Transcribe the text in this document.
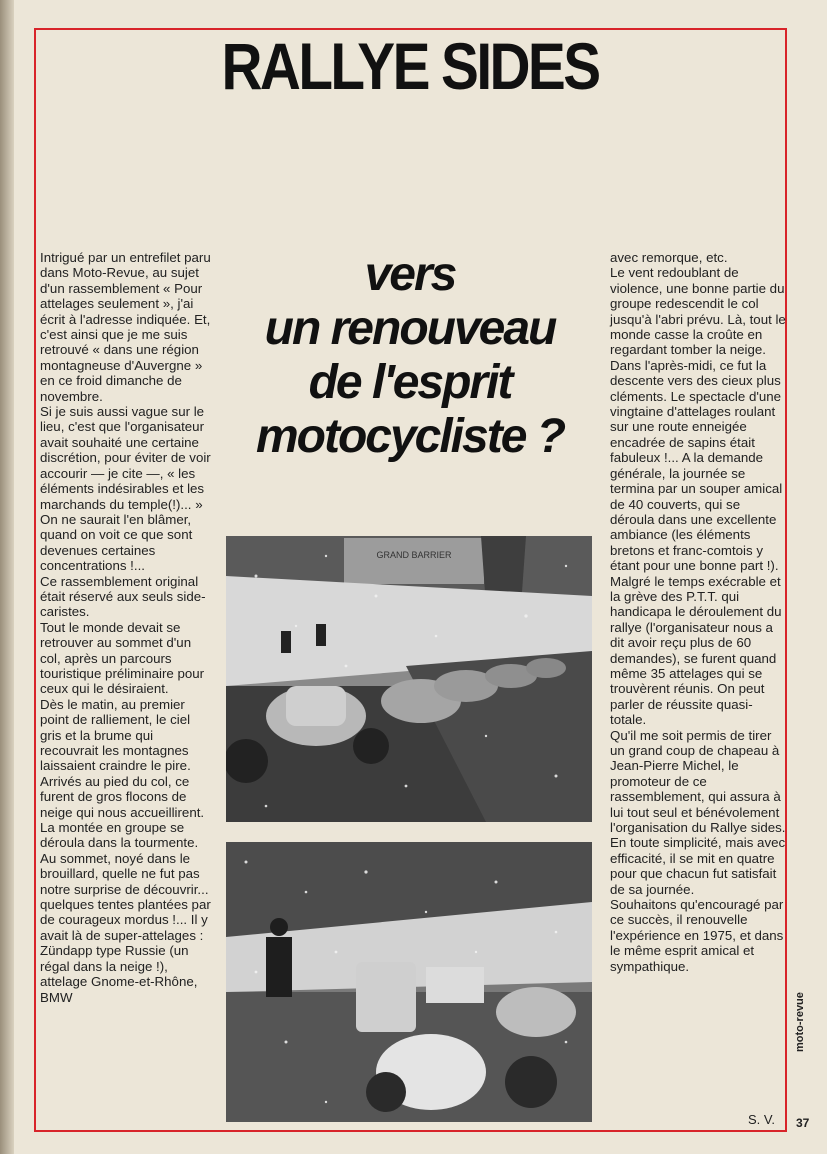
RALLYE SIDES
vers
un renouveau
de l'esprit
motocycliste ?

Intrigué par un entrefilet paru dans Moto-Revue, au sujet d'un rassemblement « Pour attelages seulement », j'ai écrit à l'adresse indiquée. Et, c'est ainsi que je me suis retrouvé « dans une région montagneuse d'Auvergne » en ce froid dimanche de novembre.

Si je suis aussi vague sur le lieu, c'est que l'organisateur avait souhaité une certaine discrétion, pour éviter de voir accourir — je cite —, « les éléments indésirables et les marchands du temple(!)... » On ne saurait l'en blâmer, quand on voit ce que sont devenues certaines concentrations !...

Ce rassemblement original était réservé aux seuls side-caristes.

Tout le monde devait se retrouver au sommet d'un col, après un parcours touristique préliminaire pour ceux qui le désiraient.

Dès le matin, au premier point de ralliement, le ciel gris et la brume qui recouvrait les montagnes laissaient craindre le pire. Arrivés au pied du col, ce furent de gros flocons de neige qui nous accueillirent.

La montée en groupe se déroula dans la tourmente. Au sommet, noyé dans le brouillard, quelle ne fut pas notre surprise de découvrir... quelques tentes plantées par de courageux mordus !... Il y avait là de super-attelages : Zündapp type Russie (un régal dans la neige !), attelage Gnome-et-Rhône, BMW

avec remorque, etc.

Le vent redoublant de violence, une bonne partie du groupe redescendit le col jusqu'à l'abri prévu. Là, tout le monde casse la croûte en regardant tomber la neige. Dans l'après-midi, ce fut la descente vers des cieux plus cléments. Le spectacle d'une vingtaine d'attelages roulant sur une route enneigée encadrée de sapins était fabuleux !... A la demande générale, la journée se termina par un souper amical de 40 couverts, qui se déroula dans une excellente ambiance (les éléments bretons et franc-comtois y étant pour une bonne part !).

Malgré le temps exécrable et la grève des P.T.T. qui handicapa le déroulement du rallye (l'organisateur nous a dit avoir reçu plus de 60 demandes), se furent quand même 35 attelages qui se trouvèrent réunis. On peut parler de réussite quasi-totale.

Qu'il me soit permis de tirer un grand coup de chapeau à Jean-Pierre Michel, le promoteur de ce rassemblement, qui assura à lui tout seul et bénévolement l'organisation du Rallye sides. En toute simplicité, mais avec efficacité, il se mit en quatre pour que chacun fut satisfait de sa journée.

Souhaitons qu'encouragé par ce succès, il renouvelle l'expérience en 1975, et dans le même esprit amical et sympathique.

S. V.
GRAND BARRIER
moto-revue
37
